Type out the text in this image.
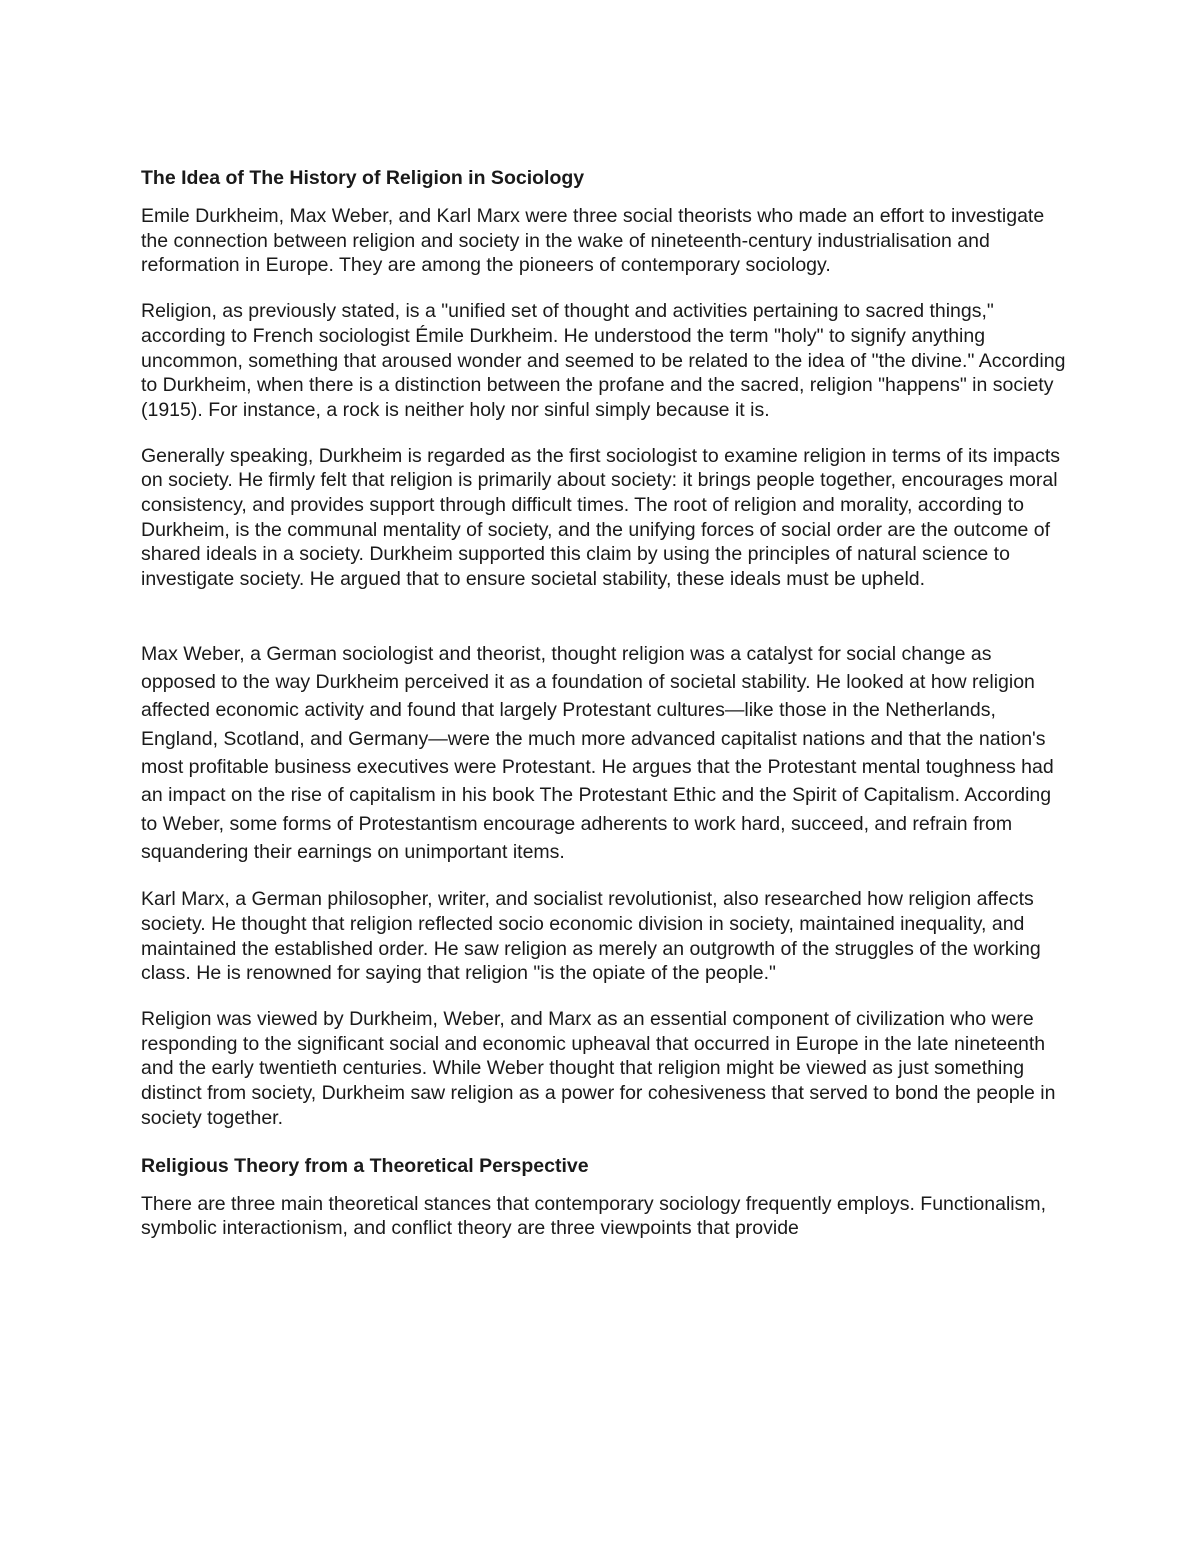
The Idea of The History of Religion in Sociology

Emile Durkheim, Max Weber, and Karl Marx were three social theorists who made an effort to investigate the connection between religion and society in the wake of nineteenth-century industrialisation and reformation in Europe. They are among the pioneers of contemporary sociology.

Religion, as previously stated, is a "unified set of thought and activities pertaining to sacred things," according to French sociologist Émile Durkheim. He understood the term "holy" to signify anything uncommon, something that aroused wonder and seemed to be related to the idea of "the divine." According to Durkheim, when there is a distinction between the profane and the sacred, religion "happens" in society (1915). For instance, a rock is neither holy nor sinful simply because it is.

Generally speaking, Durkheim is regarded as the first sociologist to examine religion in terms of its impacts on society. He firmly felt that religion is primarily about society: it brings people together, encourages moral consistency, and provides support through difficult times. The root of religion and morality, according to Durkheim, is the communal mentality of society, and the unifying forces of social order are the outcome of shared ideals in a society. Durkheim supported this claim by using the principles of natural science to investigate society. He argued that to ensure societal stability, these ideals must be upheld.

Max Weber, a German sociologist and theorist, thought religion was a catalyst for social change as opposed to the way Durkheim perceived it as a foundation of societal stability. He looked at how religion affected economic activity and found that largely Protestant cultures—like those in the Netherlands, England, Scotland, and Germany—were the much more advanced capitalist nations and that the nation's most profitable business executives were Protestant. He argues that the Protestant mental toughness had an impact on the rise of capitalism in his book The Protestant Ethic and the Spirit of Capitalism. According to Weber, some forms of Protestantism encourage adherents to work hard, succeed, and refrain from squandering their earnings on unimportant items.

Karl Marx, a German philosopher, writer, and socialist revolutionist, also researched how religion affects society. He thought that religion reflected socio economic division in society, maintained inequality, and maintained the established order. He saw religion as merely an outgrowth of the struggles of the working class. He is renowned for saying that religion "is the opiate of the people."

Religion was viewed by Durkheim, Weber, and Marx as an essential component of civilization who were responding to the significant social and economic upheaval that occurred in Europe in the late nineteenth and the early twentieth centuries. While Weber thought that religion might be viewed as just something distinct from society, Durkheim saw religion as a power for cohesiveness that served to bond the people in society together.

Religious Theory from a Theoretical Perspective

There are three main theoretical stances that contemporary sociology frequently employs. Functionalism, symbolic interactionism, and conflict theory are three viewpoints that provide
